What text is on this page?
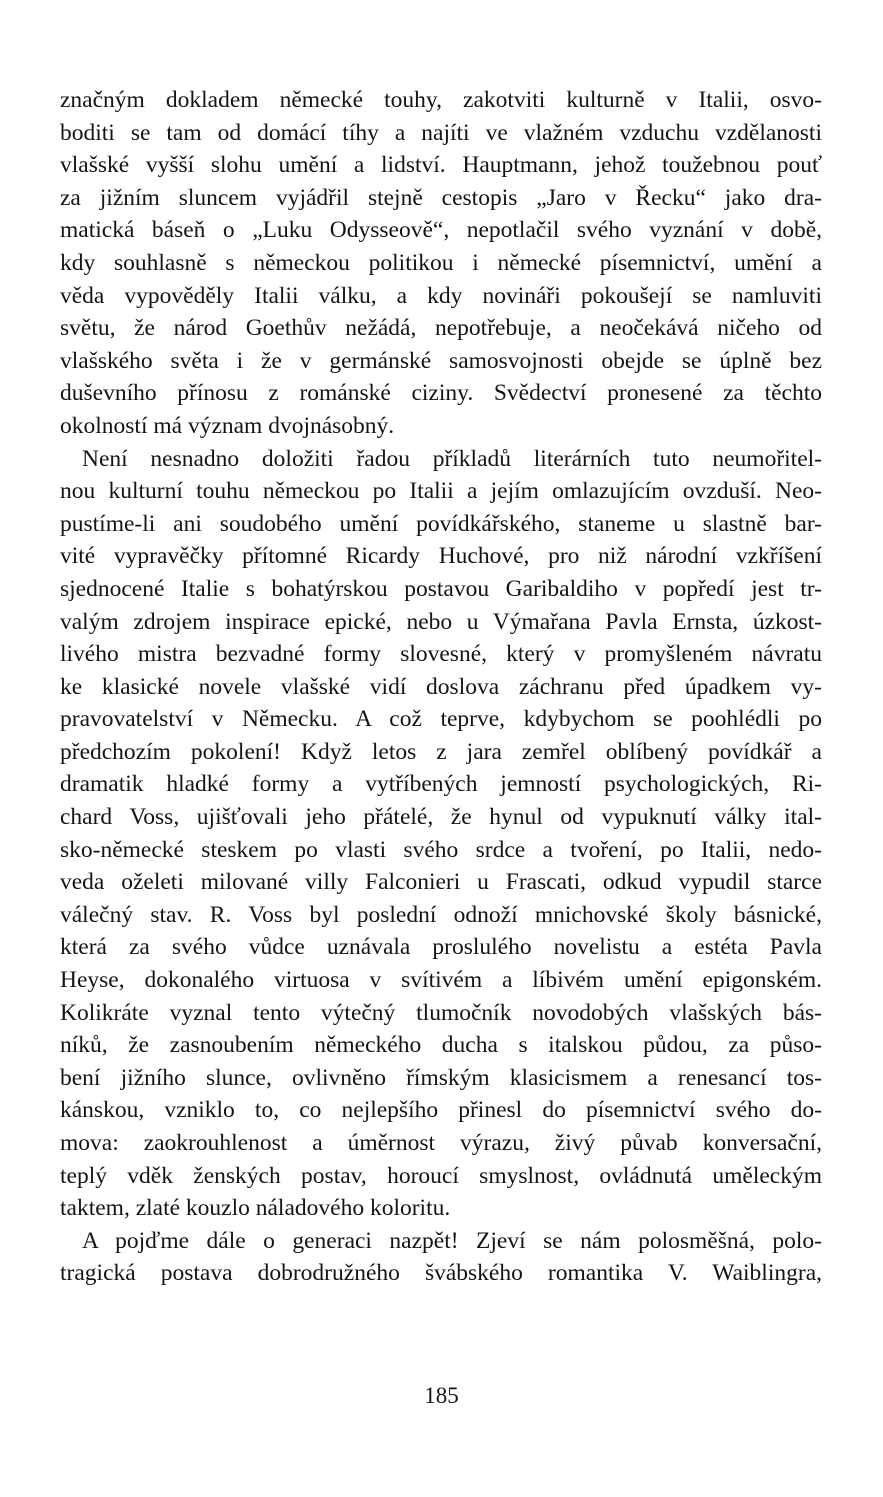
značným dokladem německé touhy, zakotviti kulturně v Italii, osvo-
boditi se tam od domácí tíhy a najíti ve vlažném vzduchu vzdělanosti
vlašské vyšší slohu umění a lidství. Hauptmann, jehož toužebnou pouť
za jižním sluncem vyjádřil stejně cestopis „Jaro v Řecku“ jako dra-
matická báseň o „Luku Odysseově“, nepotlačil svého vyznání v době,
kdy souhlasně s německou politikou i německé písemnictví, umění a
věda vypověděly Italii válku, a kdy novináři pokoušejí se namluviti
světu, že národ Goethův nežádá, nepotřebuje, a neočekává ničeho od
vlašského světa i že v germánské samosvojnosti obejde se úplně bez
duševního přínosu z románské ciziny. Svědectví pronesené za těchto
okolností má význam dvojnásobný.
Není nesnadno doložiti řadou příkladů literárních tuto neumořitel-
nou kulturní touhu německou po Italii a jejím omlazujícím ovzduší. Neo-
pustíme-li ani soudobého umění povídkářského, staneme u slastně bar-
vité vypravěčky přítomné Ricardy Huchové, pro niž národní vzkříšení
sjednocené Italie s bohatýrskou postavou Garibaldiho v popředí jest tr-
valým zdrojem inspirace epické, nebo u Výmařana Pavla Ernsta, úzkost-
livého mistra bezvadné formy slovesné, který v promyšleném návratu
ke klasické novele vlašské vidí doslova záchranu před úpadkem vy-
pravovatelství v Německu. A což teprve, kdybychom se poohlédli po
předchozím pokolení! Když letos z jara zemřel oblíbený povídkář a
dramatik hladké formy a vytříbených jemností psychologických, Ri-
chard Voss, ujišťovali jeho přátelé, že hynul od vypuknutí války ital-
sko-německé steskem po vlasti svého srdce a tvoření, po Italii, nedo-
veda oželeti milované villy Falconieri u Frascati, odkud vypudil starce
válečný stav. R. Voss byl poslední odnoží mnichovské školy básnické,
která za svého vůdce uznávala proslulého novelistu a estéta Pavla
Heyse, dokonalého virtuosa v svítivém a líbivém umění epigonském.
Kolikráte vyznal tento výtečný tlumočník novodobých vlašských bás-
níků, že zasnoubením německého ducha s italskou půdou, za půso-
bení jižního slunce, ovlivněno římským klasicismem a renesancí tos-
kánskou, vzniklo to, co nejlepšího přinesl do písemnictví svého do-
mova: zaokrouhlenost a úměrnost výrazu, živý půvab konversační,
teplý vděk ženských postav, horoucí smyslnost, ovládnutá uměleckým
taktem, zlaté kouzlo náladového koloritu.
A pojďme dále o generaci nazpět! Zjeví se nám polosměšná, polo-
tragická postava dobrodružného švábského romantika V. Waiblingra,
185
